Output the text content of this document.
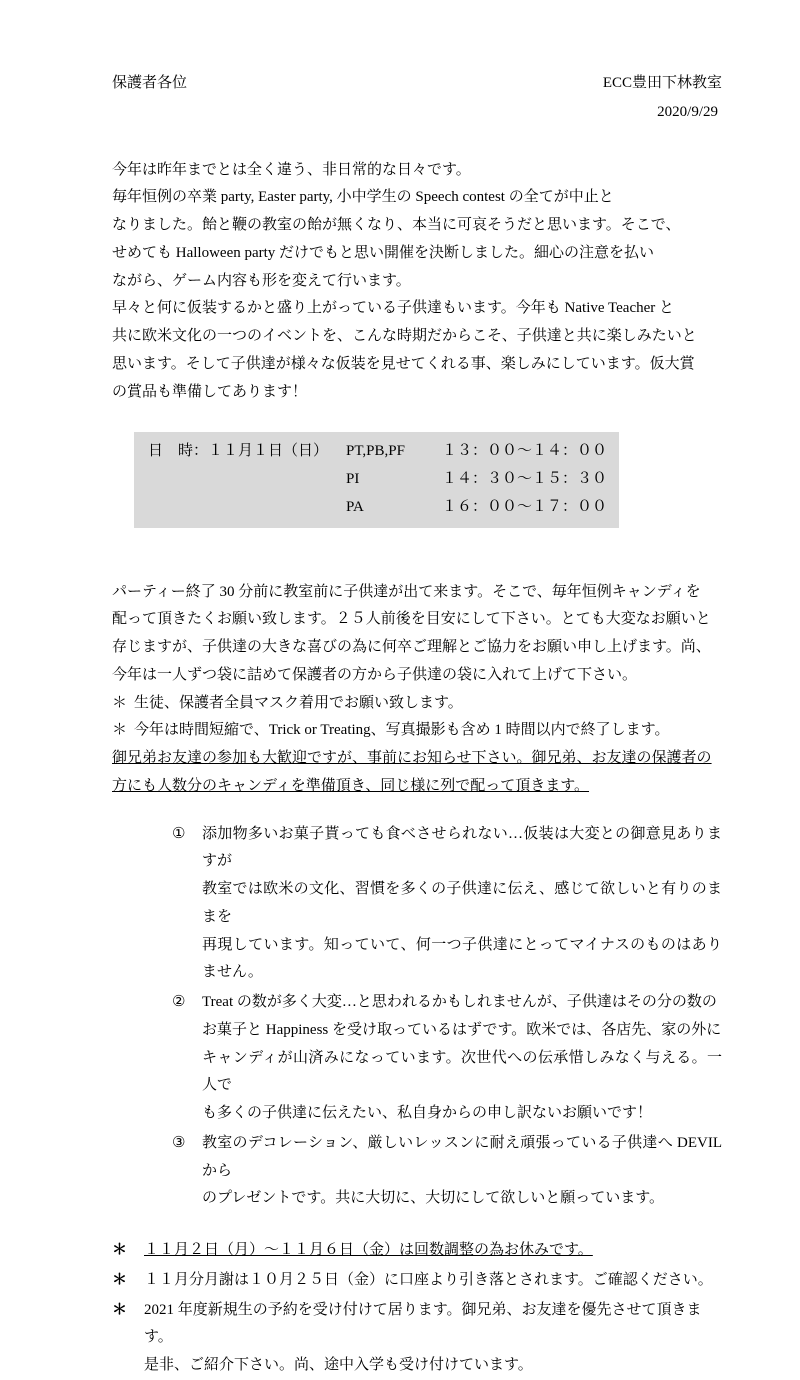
保護者各位	ECC豊田下林教室
2020/9/29

今年は昨年までとは全く違う、非日常的な日々です。

毎年恒例の卒業 party, Easter party, 小中学生の Speech contest の全てが中止と

なりました。飴と鞭の教室の飴が無くなり、本当に可哀そうだと思います。そこで、

せめても Halloween party だけでもと思い開催を決断しました。細心の注意を払い

ながら、ゲーム内容も形を変えて行います。

早々と何に仮装するかと盛り上がっている子供達もいます。今年も Native Teacher と

共に欧米文化の一つのイベントを、こんな時期だからこそ、子供達と共に楽しみたいと

思います。そして子供達が様々な仮装を見せてくれる事、楽しみにしています。仮大賞

の賞品も準備してあります！

日　時：１１月１日（日）	PT,PB,PF	１３：００～１４：００
	PI	１４：３０～１５：３０
	PA	１６：００～１７：００

パーティー終了 30 分前に教室前に子供達が出て来ます。そこで、毎年恒例キャンディを

配って頂きたくお願い致します。２５人前後を目安にして下さい。とても大変なお願いと

存じますが、子供達の大きな喜びの為に何卒ご理解とご協力をお願い申し上げます。尚、

今年は一人ずつ袋に詰めて保護者の方から子供達の袋に入れて上げて下さい。

＊ 生徒、保護者全員マスク着用でお願い致します。
＊ 今年は時間短縮で、Trick or Treating、写真撮影も含め 1 時間以内で終了します。

御兄弟お友達の参加も大歓迎ですが、事前にお知らせ下さい。御兄弟、お友達の保護者の

方にも人数分のキャンディを準備頂き、同じ様に列で配って頂きます。

①	添加物多いお菓子貰っても食べさせられない…仮装は大変との御意見ありますが
教室では欧米の文化、習慣を多くの子供達に伝え、感じて欲しいと有りのままを
再現しています。知っていて、何一つ子供達にとってマイナスのものはありません。
②	Treat の数が多く大変…と思われるかもしれませんが、子供達はその分の数の
お菓子と Happiness を受け取っているはずです。欧米では、各店先、家の外に
キャンディが山済みになっています。次世代への伝承惜しみなく与える。一人で
も多くの子供達に伝えたい、私自身からの申し訳ないお願いです！
③	教室のデコレーション、厳しいレッスンに耐え頑張っている子供達へ DEVIL から
のプレゼントです。共に大切に、大切にして欲しいと願っています。
＊	１１月２日（月）～１１月６日（金）は回数調整の為お休みです。
＊	１１月分月謝は１０月２５日（金）に口座より引き落とされます。ご確認ください。
＊	2021 年度新規生の予約を受け付けて居ります。御兄弟、お友達を優先させて頂きます。
是非、ご紹介下さい。尚、途中入学も受け付けています。
